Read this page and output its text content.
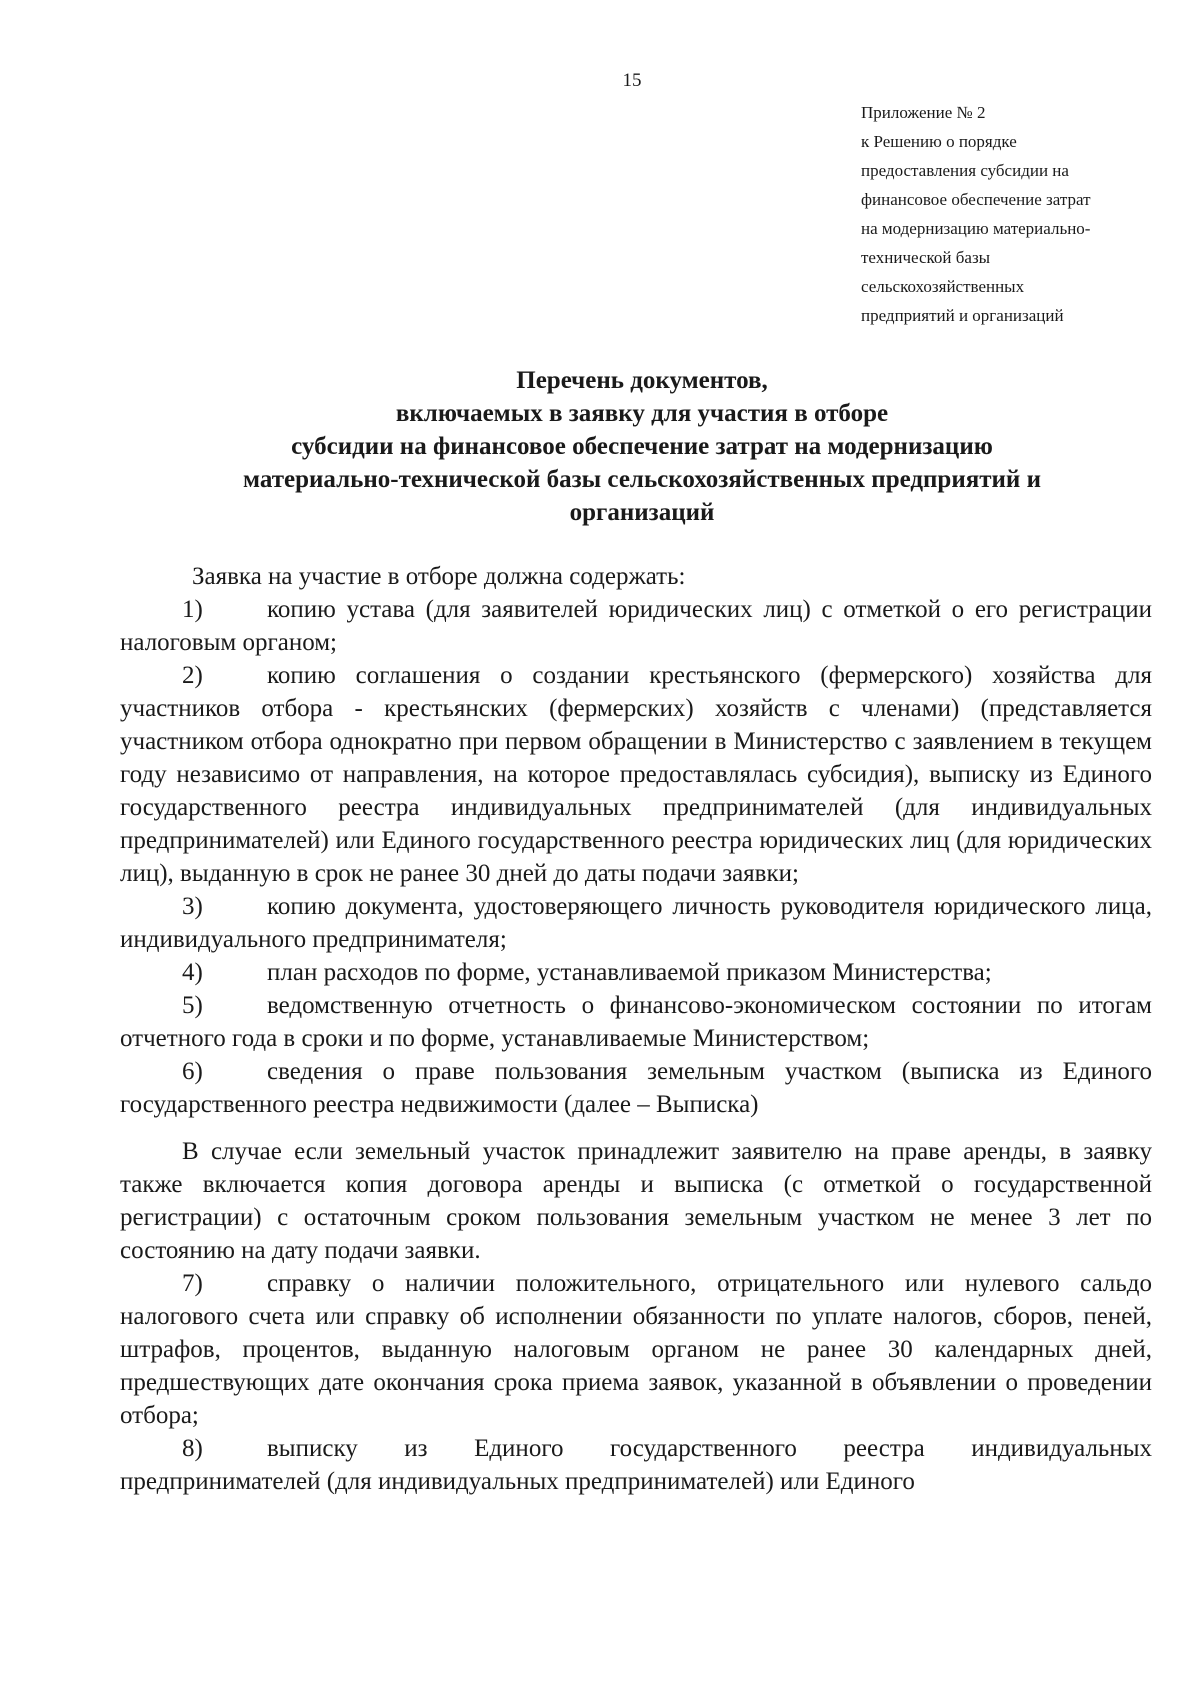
15
Приложение № 2
к Решению о порядке
предоставления субсидии на
финансовое обеспечение затрат
на модернизацию материально-
технической базы
сельскохозяйственных
предприятий и организаций
Перечень документов,
включаемых в заявку для участия в отборе
субсидии на финансовое обеспечение затрат на модернизацию
материально-технической базы сельскохозяйственных предприятий и
организаций

Заявка на участие в отборе должна содержать:

1)	копию устава (для заявителей юридических лиц) с отметкой о его регистрации налоговым органом;

2)	копию соглашения о создании крестьянского (фермерского) хозяйства для участников отбора - крестьянских (фермерских) хозяйств с членами) (представляется участником отбора однократно при первом обращении в Министерство с заявлением в текущем году независимо от направления, на которое предоставлялась субсидия), выписку из Единого государственного реестра индивидуальных предпринимателей (для индивидуальных предпринимателей) или Единого государственного реестра юридических лиц (для юридических лиц), выданную в срок не ранее 30 дней до даты подачи заявки;

3)	копию документа, удостоверяющего личность руководителя юридического лица, индивидуального предпринимателя;

4)	план расходов по форме, устанавливаемой приказом Министерства;

5)	ведомственную отчетность о финансово-экономическом состоянии по итогам отчетного года в сроки и по форме, устанавливаемые Министерством;

6)	сведения о праве пользования земельным участком (выписка из Единого государственного реестра недвижимости (далее – Выписка)

В случае если земельный участок принадлежит заявителю на праве аренды, в заявку также включается копия договора аренды и выписка (с отметкой о государственной регистрации) с остаточным сроком пользования земельным участком не менее 3 лет по состоянию на дату подачи заявки.

7)	справку о наличии положительного, отрицательного или нулевого сальдо налогового счета или справку об исполнении обязанности по уплате налогов, сборов, пеней, штрафов, процентов, выданную налоговым органом не ранее 30 календарных дней, предшествующих дате окончания срока приема заявок, указанной в объявлении о проведении отбора;

8)	выписку из Единого государственного реестра индивидуальных предпринимателей (для индивидуальных предпринимателей) или Единого
